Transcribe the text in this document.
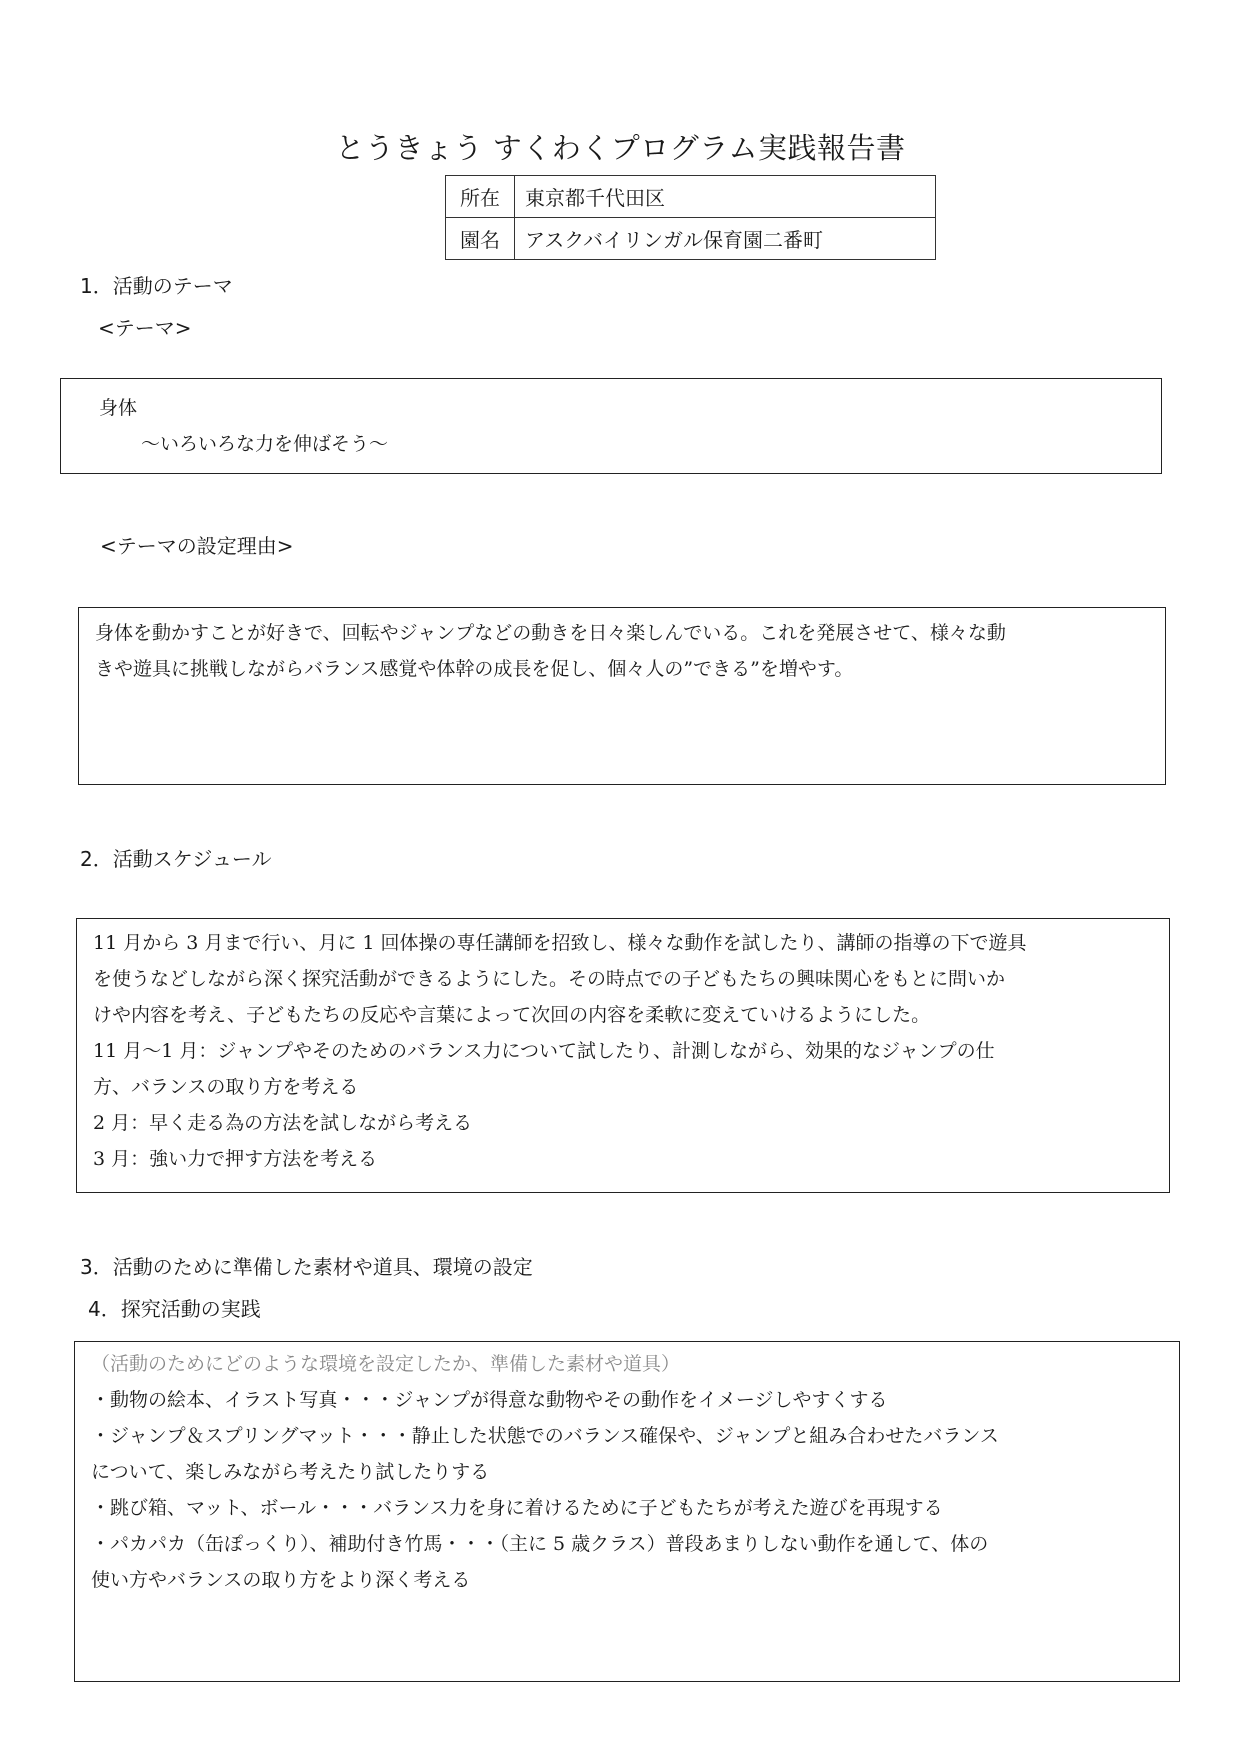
とうきょう すくわくプログラム実践報告書
所在	東京都千代田区
園名	アスクバイリンガル保育園二番町
1．活動のテーマ
<テーマ>
身体
～いろいろな力を伸ばそう～
<テーマの設定理由>
身体を動かすことが好きで、回転やジャンプなどの動きを日々楽しんでいる。これを発展させて、様々な動
きや遊具に挑戦しながらバランス感覚や体幹の成長を促し、個々人の”できる”を増やす。
2．活動スケジュール
11 月から 3 月まで行い、月に 1 回体操の専任講師を招致し、様々な動作を試したり、講師の指導の下で遊具
を使うなどしながら深く探究活動ができるようにした。その時点での子どもたちの興味関心をもとに問いか
けや内容を考え、子どもたちの反応や言葉によって次回の内容を柔軟に変えていけるようにした。
11 月～1 月：ジャンプやそのためのバランス力について試したり、計測しながら、効果的なジャンプの仕
方、バランスの取り方を考える
2 月：早く走る為の方法を試しながら考える
3 月：強い力で押す方法を考える
3．活動のために準備した素材や道具、環境の設定
4．探究活動の実践
（活動のためにどのような環境を設定したか、準備した素材や道具）
・動物の絵本、イラスト写真・・・ジャンプが得意な動物やその動作をイメージしやすくする
・ジャンプ＆スプリングマット・・・静止した状態でのバランス確保や、ジャンプと組み合わせたバランス
について、楽しみながら考えたり試したりする
・跳び箱、マット、ボール・・・バランス力を身に着けるために子どもたちが考えた遊びを再現する
・パカパカ（缶ぽっくり）、補助付き竹馬・・・（主に 5 歳クラス）普段あまりしない動作を通して、体の
使い方やバランスの取り方をより深く考える
